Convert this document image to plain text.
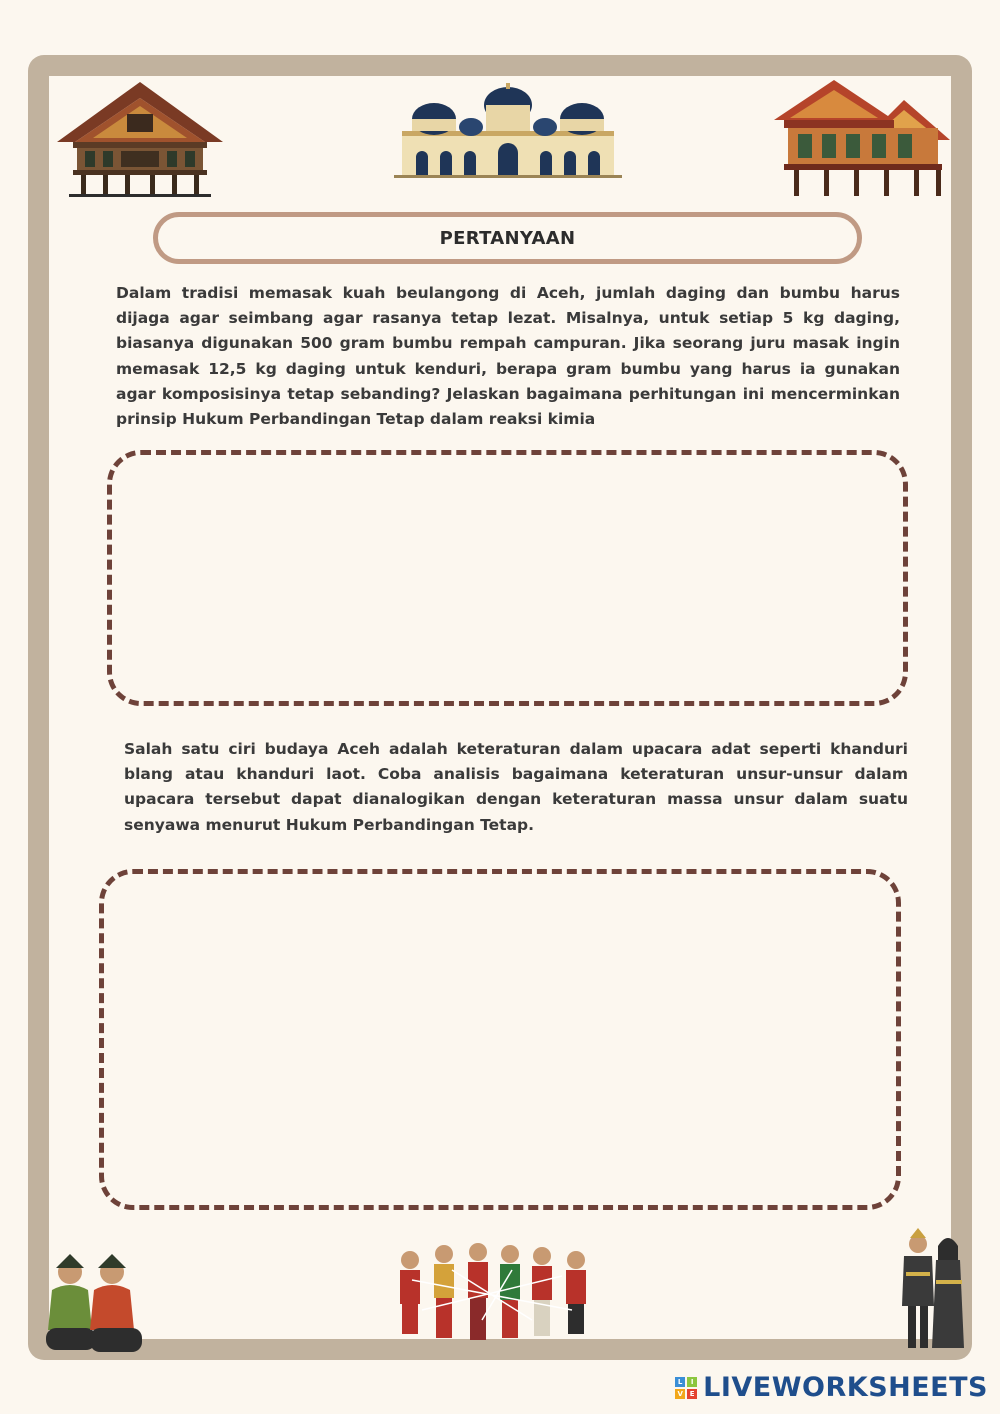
PERTANYAAN

Dalam tradisi memasak kuah beulangong di Aceh, jumlah daging dan bumbu harus dijaga agar seimbang agar rasanya tetap lezat. Misalnya, untuk setiap 5 kg daging, biasanya digunakan 500 gram bumbu rempah campuran. Jika seorang juru masak ingin memasak 12,5 kg daging untuk kenduri, berapa gram bumbu yang harus ia gunakan agar komposisinya tetap sebanding? Jelaskan bagaimana perhitungan ini mencerminkan prinsip Hukum Perbandingan Tetap dalam reaksi kimia

Salah satu ciri budaya Aceh adalah keteraturan dalam upacara adat seperti khanduri blang atau khanduri laot. Coba analisis bagaimana keteraturan unsur-unsur dalam upacara tersebut dapat dianalogikan dengan keteraturan massa unsur dalam suatu senyawa menurut Hukum Perbandingan Tetap.

L	I
V E LIVEWORKSHEETS
